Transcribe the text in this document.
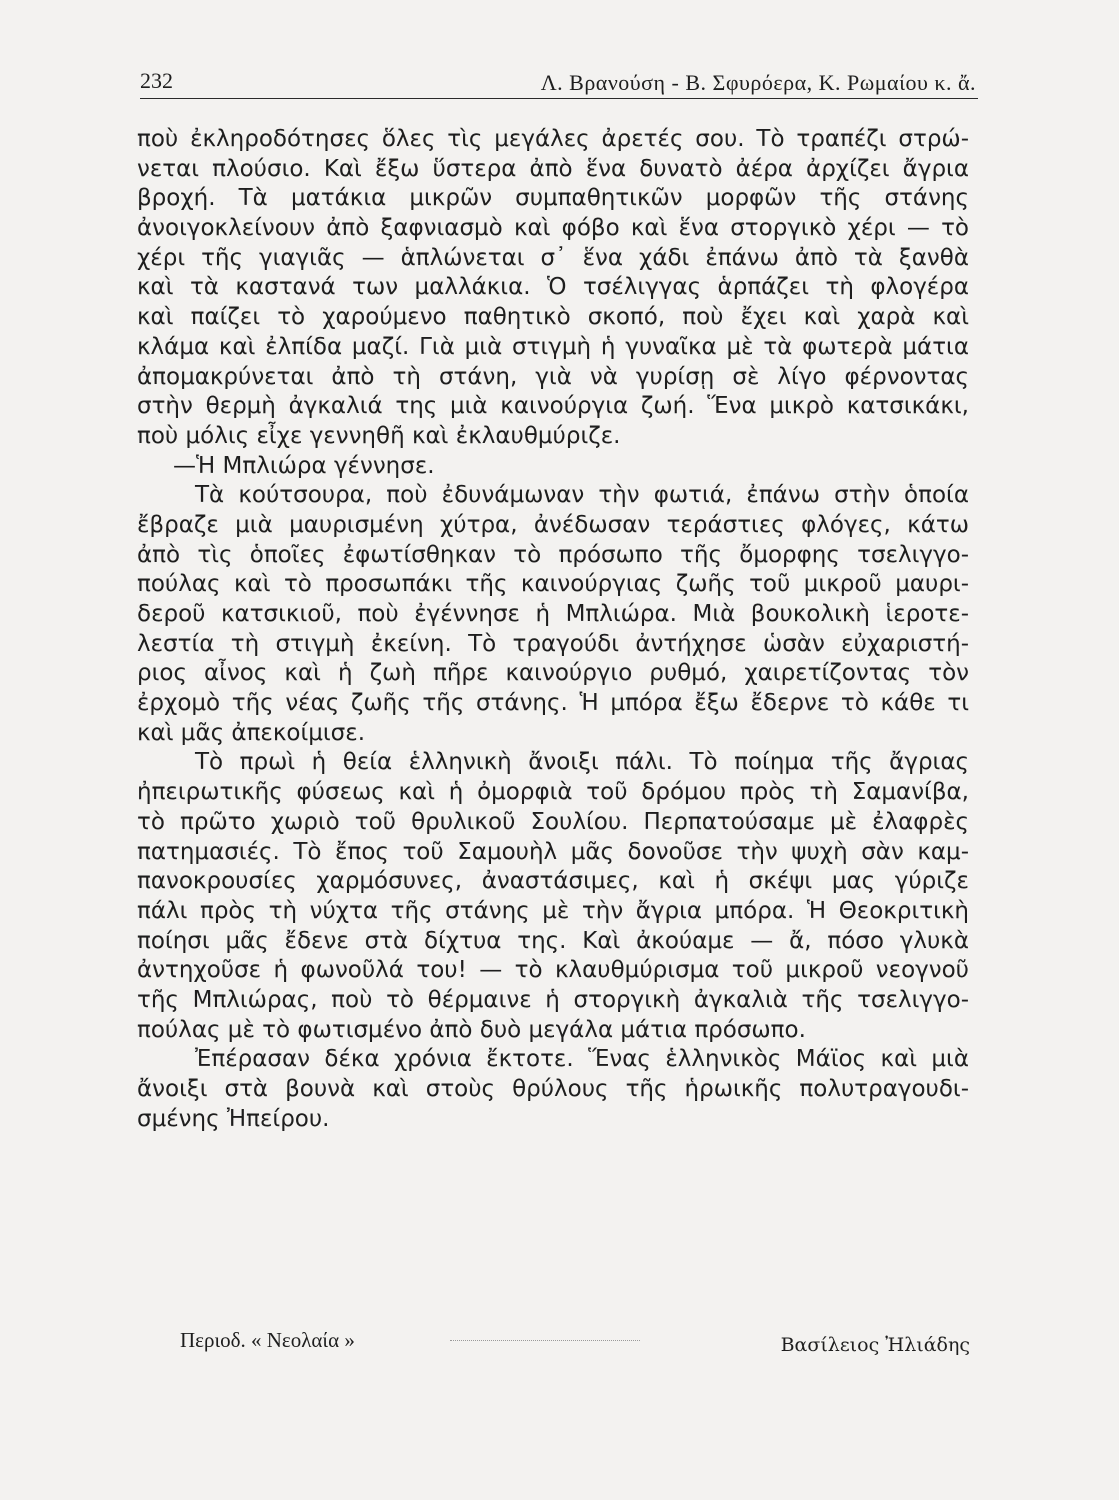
232	Λ. Βρανούση - Β. Σφυρόερα, Κ. Ρωμαίου κ. ἄ.
ποὺ ἐκληροδότησες ὅλες τὶς μεγάλες ἀρετές σου. Τὸ τραπέζι στρώ-
νεται πλούσιο. Καὶ ἔξω ὕστερα ἀπὸ ἕνα δυνατὸ ἀέρα ἀρχίζει ἄγρια
βροχή. Τὰ ματάκια μικρῶν συμπαθητικῶν μορφῶν τῆς στάνης
ἀνοιγοκλείνουν ἀπὸ ξαφνιασμὸ καὶ φόβο καὶ ἕνα στοργικὸ χέρι — τὸ
χέρι τῆς γιαγιᾶς — ἁπλώνεται σ᾽ ἕνα χάδι ἐπάνω ἀπὸ τὰ ξανθὰ
καὶ τὰ καστανά των μαλλάκια. Ὁ τσέλιγγας ἁρπάζει τὴ φλογέρα
καὶ παίζει τὸ χαρούμενο παθητικὸ σκοπό, ποὺ ἔχει καὶ χαρὰ καὶ
κλάμα καὶ ἐλπίδα μαζί. Γιὰ μιὰ στιγμὴ ἡ γυναῖκα μὲ τὰ φωτερὰ μάτια
ἀπομακρύνεται ἀπὸ τὴ στάνη, γιὰ νὰ γυρίσῃ σὲ λίγο φέρνοντας
στὴν θερμὴ ἀγκαλιά της μιὰ καινούργια ζωή. Ἕνα μικρὸ κατσικάκι,
ποὺ μόλις εἶχε γεννηθῆ καὶ ἐκλαυθμύριζε.
—Ἡ Μπλιώρα γέννησε.
Τὰ κούτσουρα, ποὺ ἐδυνάμωναν τὴν φωτιά, ἐπάνω στὴν ὁποία
ἔβραζε μιὰ μαυρισμένη χύτρα, ἀνέδωσαν τεράστιες φλόγες, κάτω
ἀπὸ τὶς ὁποῖες ἐφωτίσθηκαν τὸ πρόσωπο τῆς ὄμορφης τσελιγγο-
πούλας καὶ τὸ προσωπάκι τῆς καινούργιας ζωῆς τοῦ μικροῦ μαυρι-
δεροῦ κατσικιοῦ, ποὺ ἐγέννησε ἡ Μπλιώρα. Μιὰ βουκολικὴ ἱεροτε-
λεστία τὴ στιγμὴ ἐκείνη. Τὸ τραγούδι ἀντήχησε ὡσὰν εὐχαριστή-
ριος αἶνος καὶ ἡ ζωὴ πῆρε καινούργιο ρυθμό, χαιρετίζοντας τὸν
ἐρχομὸ τῆς νέας ζωῆς τῆς στάνης. Ἡ μπόρα ἔξω ἔδερνε τὸ κάθε τι
καὶ μᾶς ἀπεκοίμισε.
Τὸ πρωὶ ἡ θεία ἑλληνικὴ ἄνοιξι πάλι. Τὸ ποίημα τῆς ἄγριας
ἠπειρωτικῆς φύσεως καὶ ἡ ὀμορφιὰ τοῦ δρόμου πρὸς τὴ Σαμανίβα,
τὸ πρῶτο χωριὸ τοῦ θρυλικοῦ Σουλίου. Περπατούσαμε μὲ ἐλαφρὲς
πατημασιές. Τὸ ἔπος τοῦ Σαμουὴλ μᾶς δονοῦσε τὴν ψυχὴ σὰν καμ-
πανοκρουσίες χαρμόσυνες, ἀναστάσιμες, καὶ ἡ σκέψι μας γύριζε
πάλι πρὸς τὴ νύχτα τῆς στάνης μὲ τὴν ἄγρια μπόρα. Ἡ Θεοκριτικὴ
ποίησι μᾶς ἔδενε στὰ δίχτυα της. Καὶ ἀκούαμε — ἄ, πόσο γλυκὰ
ἀντηχοῦσε ἡ φωνοῦλά του! — τὸ κλαυθμύρισμα τοῦ μικροῦ νεογνοῦ
τῆς Μπλιώρας, ποὺ τὸ θέρμαινε ἡ στοργικὴ ἀγκαλιὰ τῆς τσελιγγο-
πούλας μὲ τὸ φωτισμένο ἀπὸ δυὸ μεγάλα μάτια πρόσωπο.
Ἐπέρασαν δέκα χρόνια ἔκτοτε. Ἕνας ἑλληνικὸς Μάϊος καὶ μιὰ
ἄνοιξι στὰ βουνὰ καὶ στοὺς θρύλους τῆς ἡρωικῆς πολυτραγουδι-
σμένης Ἠπείρου.
Περιοδ. « Νεολαία »	Βασίλειος Ἠλιάδης
